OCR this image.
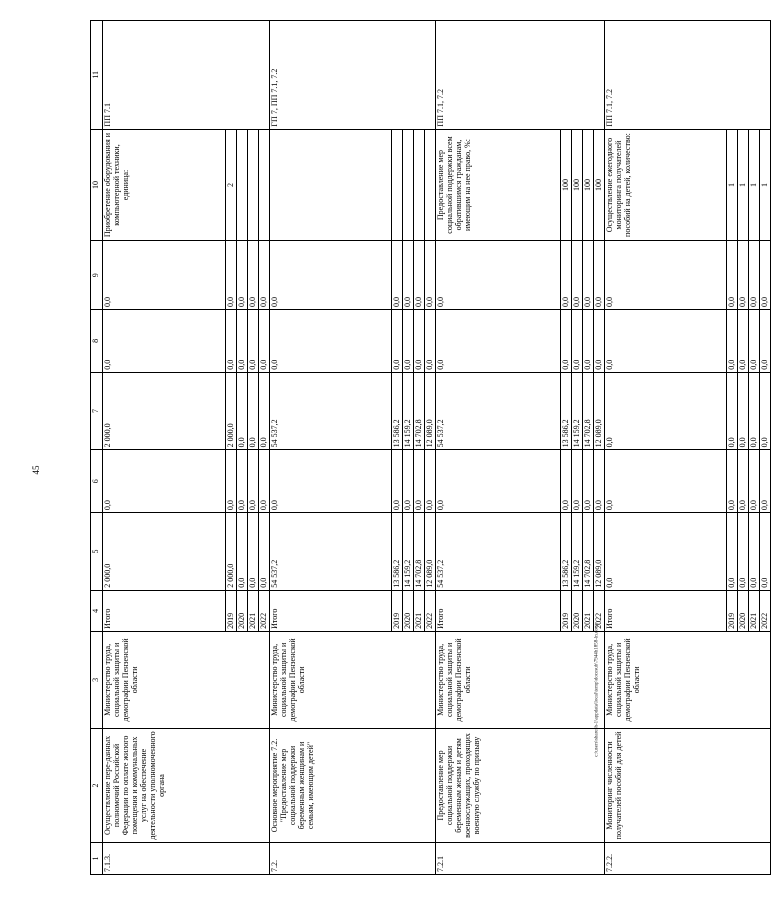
45
c:\users\sharesh-1\appdata\local\temp\docesub\7944h1858-ln.docx
1	2	3	4	5	6	7	8	9	10	11
7.1.3.	Осуществление пере-данных полномочий Российской Федерации по оплате жилого помещения и коммунальных услуг на обеспечение деятельности уполномоченного органа	Министерство труда, социальной защиты и демографии Пензенской области	Итого	2 000,0	0,0	2 000,0	0,0	0,0	Приобретение оборудования и компьютерной техники, единица:	ПП 7.1
			2019	2 000,0	0,0	2 000,0	0,0	0,0	2	
			2020	0,0	0,0	0,0	0,0	0,0		
			2021	0,0	0,0	0,0	0,0	0,0		
			2022	0,0	0,0	0,0	0,0	0,0		
7.2.	Основное мероприятие 7.2. "Предоставление мер социальной поддержки беременным женщинам и семьям, имеющим детей"	Министерство труда, социальной защиты и демографии Пензенской области	Итого	54 537,2	0,0	54 537,2	0,0	0,0		ГП 7, ПП 7.1, 7.2
			2019	13 586,2	0,0	13 586,2	0,0	0,0		
			2020	14 159,2	0,0	14 159,2	0,0	0,0		
			2021	14 702,8	0,0	14 702,8	0,0	0,0		
			2022	12 089,0	0,0	12 089,0	0,0	0,0		
7.2.1	Предоставление мер социальной поддержки беременным женам и детям военнослужащих, проходящих военную службу по призыву	Министерство труда, социальной защиты и демографии Пензенской области	Итого	54 537,2	0,0	54 537,2	0,0	0,0	Предоставление мер социальной поддержки всем обратившимся гражданам, имеющим на нее право, %:	ПП 7.1, 7.2
			2019	13 586,2	0,0	13 586,2	0,0	0,0	100	
			2020	14 159,2	0,0	14 159,2	0,0	0,0	100	
			2021	14 702,8	0,0	14 702,8	0,0	0,0	100	
			2022	12 089,0	0,0	12 089,0	0,0	0,0	100	
7.2.2.	Мониторинг численности получателей пособий для детей	Министерство труда, социальной защиты и демографии Пензенской области	Итого	0,0	0,0	0,0	0,0	0,0	Осуществление ежегодного мониторинга получателей пособий на детей, количество:	ПП 7.1, 7.2
			2019	0,0	0,0	0,0	0,0	0,0	1	
			2020	0,0	0,0	0,0	0,0	0,0	1	
			2021	0,0	0,0	0,0	0,0	0,0	1	
			2022	0,0	0,0	0,0	0,0	0,0	1	
